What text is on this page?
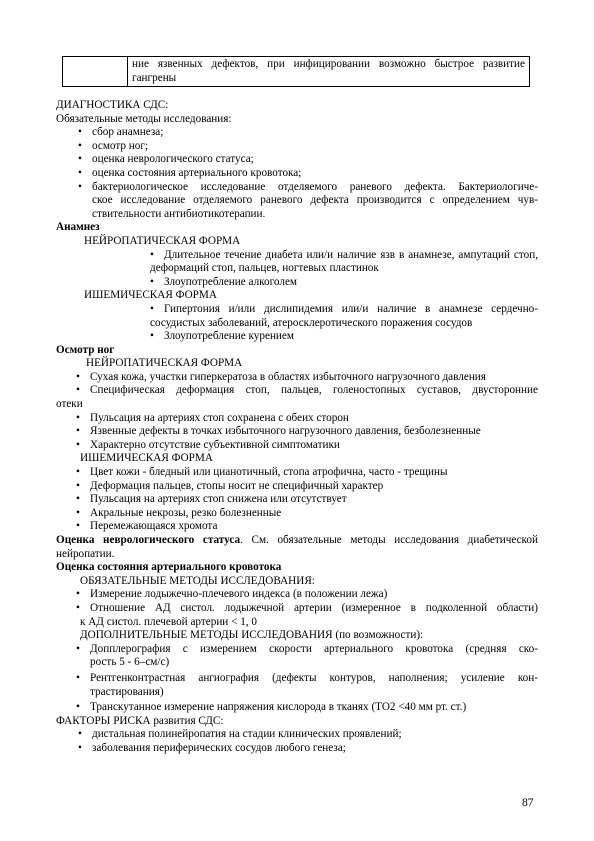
ние язвенных дефектов, при инфицировании возможно быстрое развитие
гангрены
ДИАГНОСТИКА СДС:
Обязательные методы исследования:
• сбор анамнеза;
• осмотр ног;
• оценка неврологического статуса;
• оценка состояния артериального кровотока;
• бактериологическое исследование отделяемого раневого дефекта. Бактериологиче-
ское исследование отделяемого раневого дефекта производится с определением чув-
ствительности антибиотикотерапии.
Анамнез
НЕЙРОПАТИЧЕСКАЯ ФОРМА
• Длительное течение диабета или/и наличие язв в анамнезе, ампутаций стоп,
деформаций стоп, пальцев, ногтевых пластинок
• Злоупотребление алкоголем
ИШЕМИЧЕСКАЯ ФОРМА
• Гипертония и/или дислипидемия или/и наличие в анамнезе сердечно-
сосудистых заболеваний, атеросклеротического поражения сосудов
• Злоупотребление курением
Осмотр ног
НЕЙРОПАТИЧЕСКАЯ ФОРМА
• Сухая кожа, участки гиперкератоза в областях избыточного нагрузочного давления
• Специфическая деформация стоп, пальцев, голеностопных суставов, двусторонние
отеки
• Пульсация на артериях стоп сохранена с обеих сторон
• Язвенные дефекты в точках избыточного нагрузочного давления, безболезненные
• Характерно отсутствие субъективной симптоматики
ИШЕМИЧЕСКАЯ ФОРМА
• Цвет кожи - бледный или цианотичный, стопа атрофична, часто - трещины
• Деформация пальцев, стопы носит не специфичный характер
• Пульсация на артериях стоп снижена или отсутствует
• Акральные некрозы, резко болезненные
• Перемежающаяся хромота
Оценка неврологического статуса. См. обязательные методы исследования диабетической
нейропатии.
Оценка состояния артериального кровотока
ОБЯЗАТЕЛЬНЫЕ МЕТОДЫ ИССЛЕДОВАНИЯ:
• Измерение лодыжечно-плечевого индекса (в положении лежа)
• Отношение АД систол. лодыжечной артерии (измеренное в подколенной области)
к АД систол. плечевой артерии < 1, 0
ДОПОЛНИТЕЛЬНЫЕ МЕТОДЫ ИССЛЕДОВАНИЯ (по возможности):
• Допплерография с измерением скорости артериального кровотока (средняя ско-
рость 5 - 6–см/с)
• Рентгенконтрастная ангиография (дефекты контуров, наполнения; усиление кон-
трастирования)
• Транскутанное измерение напряжения кислорода в тканях (ТО2 <40 мм рт. ст.)
ФАКТОРЫ РИСКА развития СДС:
• дистальная полинейропатия на стадии клинических проявлений;
• заболевания периферических сосудов любого генеза;
87
